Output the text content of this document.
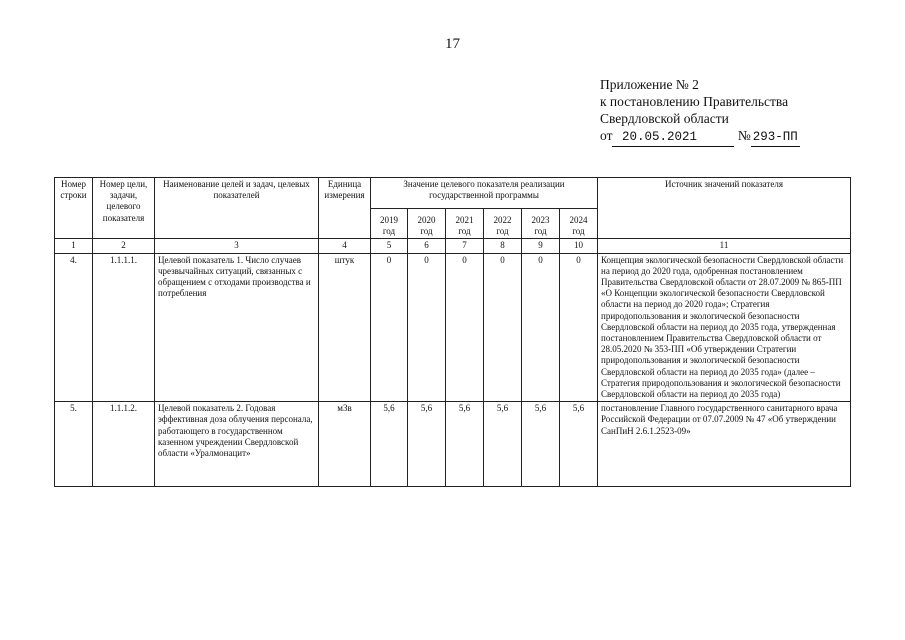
17
Приложение № 2
к постановлению Правительства
Свердловской области
от 20.05.2021	№ 293-ПП
Номер строки	Номер цели, задачи, целевого показателя	Наименование целей и задач, целевых показателей	Единица измерения	Значение целевого показателя реализации государственной программы						Источник значений показателя
				2019 год	2020 год	2021 год	2022 год	2023 год	2024 год	
1	2	3	4	5	6	7	8	9	10	11
4.	1.1.1.1.	Целевой показатель 1. Число случаев чрезвычайных ситуаций, связанных с обращением с отходами производства и потребления	штук	0	0	0	0	0	0	Концепция экологической безопасности Свердловской области на период до 2020 года, одобренная постановлением Правительства Свердловской области от 28.07.2009 № 865-ПП «О Концепции экологической безопасности Свердловской области на период до 2020 года»; Стратегия природопользования и экологической безопасности Свердловской области на период до 2035 года, утвержденная постановлением Правительства Свердловской области от 28.05.2020 № 353-ПП «Об утверждении Стратегии природопользования и экологической безопасности Свердловской области на период до 2035 года» (далее – Стратегия природопользования и экологической безопасности Свердловской области на период до 2035 года)
5.	1.1.1.2.	Целевой показатель 2. Годовая эффективная доза облучения персонала, работающего в государственном казенном учреждении Свердловской области «Уралмонацит»	м3в	5,6	5,6	5,6	5,6	5,6	5,6	постановление Главного государственного санитарного врача Российской Федерации от 07.07.2009 № 47 «Об утверждении СанПиН 2.6.1.2523-09»
